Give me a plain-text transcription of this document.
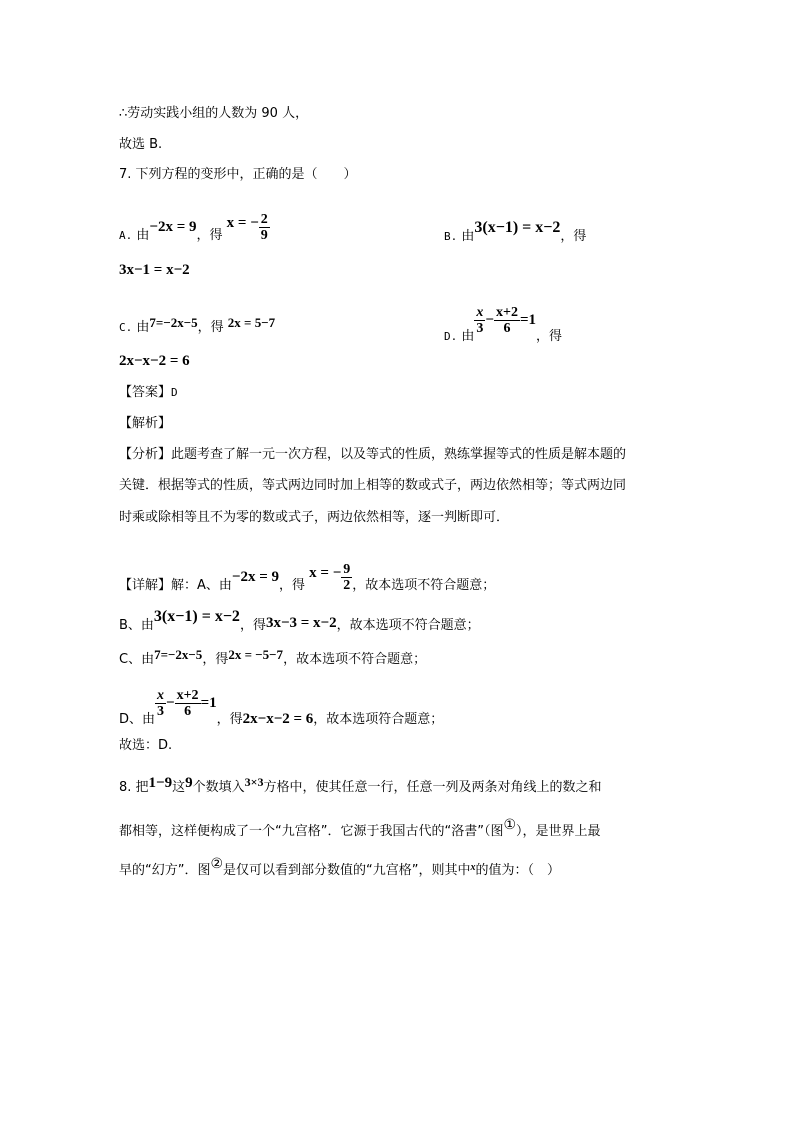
∴劳动实践小组的人数为 90 人，
故选 B.
7. 下列方程的变形中，正确的是（　　）
A. 由−2x = 9，得 x = − $\frac{2}{9}$	B. 由3(x−1) = x−2，得
3x−1 = x−2
C. 由7=−2x−5，得 2x = 5−7
$_{D.}$ 由
$\frac{x}{3} - \frac{x+2}{6} =1$，得
2x−x−2 = 6
【答案】D
【解析】
【分析】此题考查了解一元一次方程，以及等式的性质，熟练掌握等式的性质是解本题的
关键．根据等式的性质，等式两边同时加上相等的数或式子，两边依然相等；等式两边同
时乘或除相等且不为零的数或式子，两边依然相等，逐一判断即可．
【详解】解：A、由−2x = 9，得 x = − $\frac{9}{2}$ ，故本选项不符合题意；
B、由3(x−1) = x−2，得3x−3 = x−2，故本选项不符合题意；
C、由7=−2x−5，得2x = −5−7，故本选项不符合题意；
D、由
$\frac{x}{3} - \frac{x+2}{6} =1$，得2x−x−2 = 6，故本选项符合题意；
故选：D.
8. 把1−9这9个数填入3×3方格中，使其任意一行，任意一列及两条对角线上的数之和
都相等，这样便构成了一个“九宫格”．它源于我国古代的“洛書”（图①），是世界上最
早的“幻方”．图②是仅可以看到部分数值的“九宫格”，则其中$^x$的值为：（　）
